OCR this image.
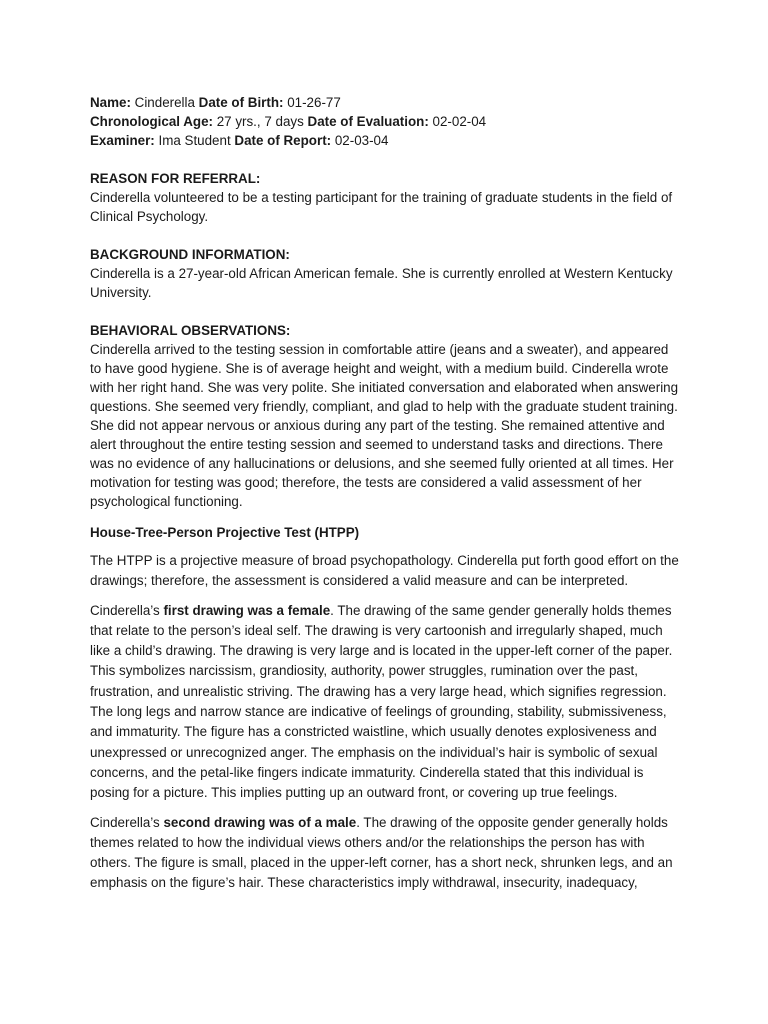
Name: Cinderella Date of Birth: 01-26-77

Chronological Age: 27 yrs., 7 days Date of Evaluation: 02-02-04

Examiner: Ima Student Date of Report: 02-03-04

REASON FOR REFERRAL:

Cinderella volunteered to be a testing participant for the training of graduate students in the field of Clinical Psychology.

BACKGROUND INFORMATION:

Cinderella is a 27-year-old African American female. She is currently enrolled at Western Kentucky University.

BEHAVIORAL OBSERVATIONS:

Cinderella arrived to the testing session in comfortable attire (jeans and a sweater), and appeared to have good hygiene. She is of average height and weight, with a medium build. Cinderella wrote with her right hand. She was very polite. She initiated conversation and elaborated when answering questions. She seemed very friendly, compliant, and glad to help with the graduate student training. She did not appear nervous or anxious during any part of the testing. She remained attentive and alert throughout the entire testing session and seemed to understand tasks and directions. There was no evidence of any hallucinations or delusions, and she seemed fully oriented at all times. Her motivation for testing was good; therefore, the tests are considered a valid assessment of her psychological functioning.

House-Tree-Person Projective Test (HTPP)

The HTPP is a projective measure of broad psychopathology. Cinderella put forth good effort on the drawings; therefore, the assessment is considered a valid measure and can be interpreted.

Cinderella’s first drawing was a female. The drawing of the same gender generally holds themes that relate to the person’s ideal self. The drawing is very cartoonish and irregularly shaped, much like a child’s drawing. The drawing is very large and is located in the upper-left corner of the paper. This symbolizes narcissism, grandiosity, authority, power struggles, rumination over the past, frustration, and unrealistic striving. The drawing has a very large head, which signifies regression. The long legs and narrow stance are indicative of feelings of grounding, stability, submissiveness, and immaturity. The figure has a constricted waistline, which usually denotes explosiveness and unexpressed or unrecognized anger. The emphasis on the individual’s hair is symbolic of sexual concerns, and the petal-like fingers indicate immaturity. Cinderella stated that this individual is posing for a picture. This implies putting up an outward front, or covering up true feelings.

Cinderella’s second drawing was of a male. The drawing of the opposite gender generally holds themes related to how the individual views others and/or the relationships the person has with others. The figure is small, placed in the upper-left corner, has a short neck, shrunken legs, and an emphasis on the figure’s hair. These characteristics imply withdrawal, insecurity, inadequacy,
